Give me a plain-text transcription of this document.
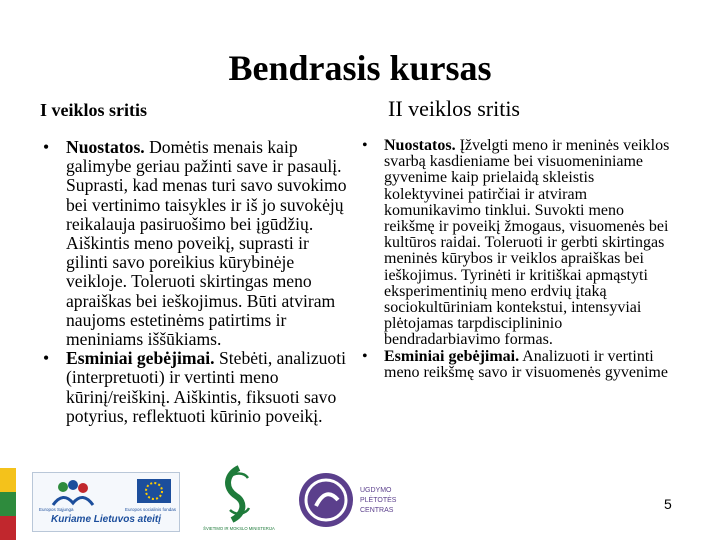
Bendrasis kursas
I veiklos sritis	II veiklos sritis
• Nuostatos. Domėtis menais kaip galimybe geriau pažinti save ir pasaulį. Suprasti, kad menas turi savo suvokimo bei vertinimo taisykles ir iš jo suvokėjų reikalauja pasiruošimo bei įgūdžių. Aiškintis meno poveikį, suprasti ir gilinti savo poreikius kūrybinėje veikloje. Toleruoti skirtingas meno apraiškas bei ieškojimus. Būti atviram naujoms estetinėms patirtims ir meniniams iššūkiams.
• Esminiai gebėjimai. Stebėti, analizuoti (interpretuoti) ir vertinti meno kūrinį/reiškinį. Aiškintis, fiksuoti savo potyrius, reflektuoti kūrinio poveikį.
• Nuostatos. Įžvelgti meno ir meninės veiklos svarbą kasdieniame bei visuomeniniame gyvenime kaip prielaidą skleistis kolektyvinei patirčiai ir atviram komunikavimo tinklui. Suvokti meno reikšmę ir poveikį žmogaus, visuomenės bei kultūros raidai. Toleruoti ir gerbti skirtingas meninės kūrybos ir veiklos apraiškas bei ieškojimus. Tyrinėti ir kritiškai apmąstyti eksperimentinių meno erdvių įtaką sociokultūriniam kontekstui, intensyviai plėtojamas tarpdisciplininio bendradarbiavimo formas.
• Esminiai gebėjimai. Analizuoti ir vertinti meno reikšmę savo ir visuomenės gyvenime
Europos Sąjunga	Europos socialinis fondas
Kuriame Lietuvos ateitį
ŠVIETIMO IR MOKSLO MINISTERIJA
UGDYMO
PLĖTOTĖS
CENTRAS	5
